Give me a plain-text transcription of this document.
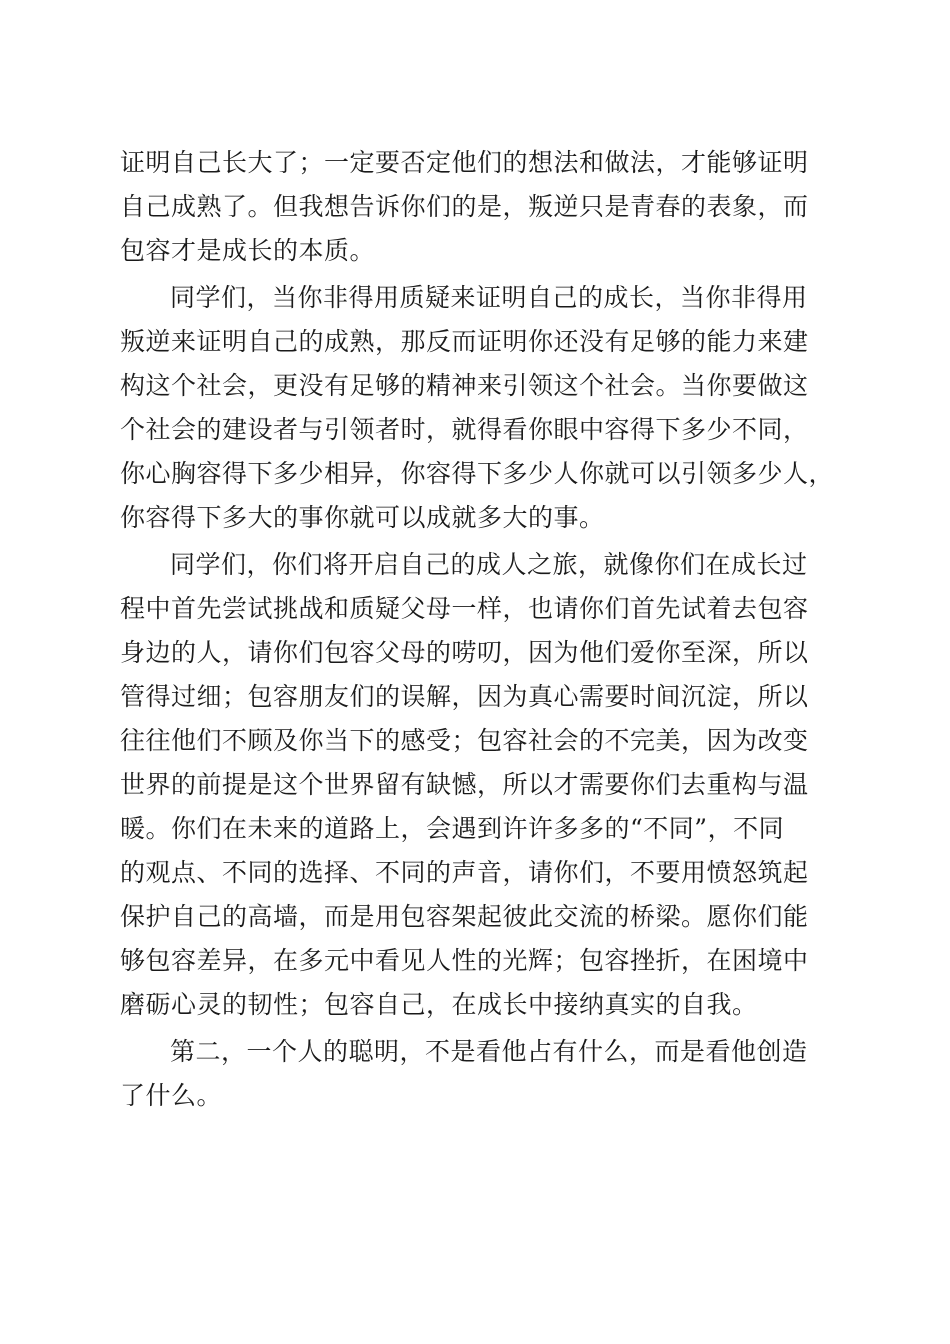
证明自己长大了；一定要否定他们的想法和做法，才能够证明
自己成熟了。但我想告诉你们的是，叛逆只是青春的表象，而
包容才是成长的本质。
同学们，当你非得用质疑来证明自己的成长，当你非得用
叛逆来证明自己的成熟，那反而证明你还没有足够的能力来建
构这个社会，更没有足够的精神来引领这个社会。当你要做这
个社会的建设者与引领者时，就得看你眼中容得下多少不同，
你心胸容得下多少相异，你容得下多少人你就可以引领多少人，
你容得下多大的事你就可以成就多大的事。
同学们，你们将开启自己的成人之旅，就像你们在成长过
程中首先尝试挑战和质疑父母一样，也请你们首先试着去包容
身边的人，请你们包容父母的唠叨，因为他们爱你至深，所以
管得过细；包容朋友们的误解，因为真心需要时间沉淀，所以
往往他们不顾及你当下的感受；包容社会的不完美，因为改变
世界的前提是这个世界留有缺憾，所以才需要你们去重构与温
暖。你们在未来的道路上，会遇到许许多多的“不同”，不同
的观点、不同的选择、不同的声音，请你们，不要用愤怒筑起
保护自己的高墙，而是用包容架起彼此交流的桥梁。愿你们能
够包容差异，在多元中看见人性的光辉；包容挫折，在困境中
磨砺心灵的韧性；包容自己，在成长中接纳真实的自我。
第二，一个人的聪明，不是看他占有什么，而是看他创造
了什么。
